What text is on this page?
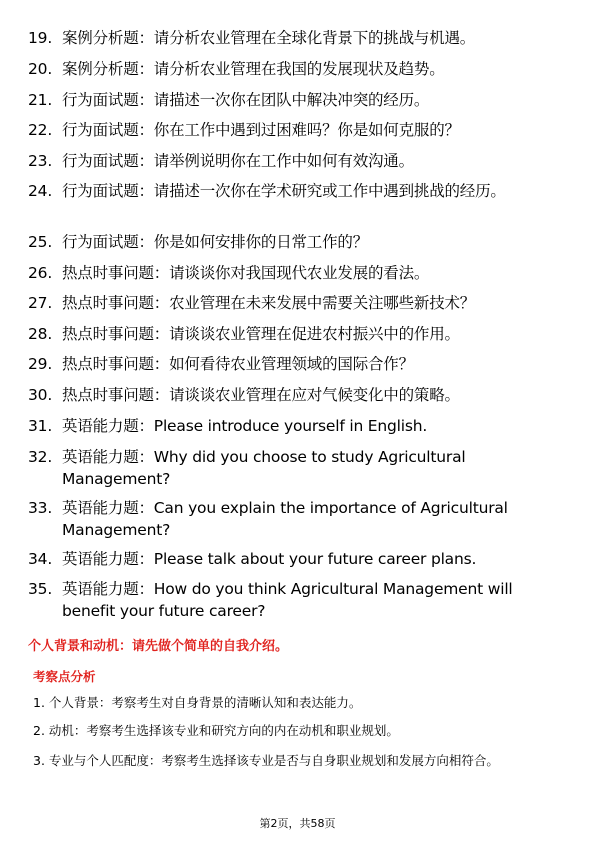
19. 案例分析题：请分析农业管理在全球化背景下的挑战与机遇。
20. 案例分析题：请分析农业管理在我国的发展现状及趋势。
21. 行为面试题：请描述一次你在团队中解决冲突的经历。
22. 行为面试题：你在工作中遇到过困难吗？你是如何克服的？
23. 行为面试题：请举例说明你在工作中如何有效沟通。
24. 行为面试题：请描述一次你在学术研究或工作中遇到挑战的经历。
25. 行为面试题：你是如何安排你的日常工作的？
26. 热点时事问题：请谈谈你对我国现代农业发展的看法。
27. 热点时事问题：农业管理在未来发展中需要关注哪些新技术？
28. 热点时事问题：请谈谈农业管理在促进农村振兴中的作用。
29. 热点时事问题：如何看待农业管理领域的国际合作？
30. 热点时事问题：请谈谈农业管理在应对气候变化中的策略。
31. 英语能力题：Please introduce yourself in English.
32. 英语能力题：Why did you choose to study Agricultural Management?
33. 英语能力题：Can you explain the importance of Agricultural Management?
34. 英语能力题：Please talk about your future career plans.
35. 英语能力题：How do you think Agricultural Management will benefit your future career?
个人背景和动机：请先做个简单的自我介绍。
考察点分析
1. 个人背景：考察考生对自身背景的清晰认知和表达能力。
2. 动机：考察考生选择该专业和研究方向的内在动机和职业规划。
3. 专业与个人匹配度：考察考生选择该专业是否与自身职业规划和发展方向相符合。
第2页，共58页
